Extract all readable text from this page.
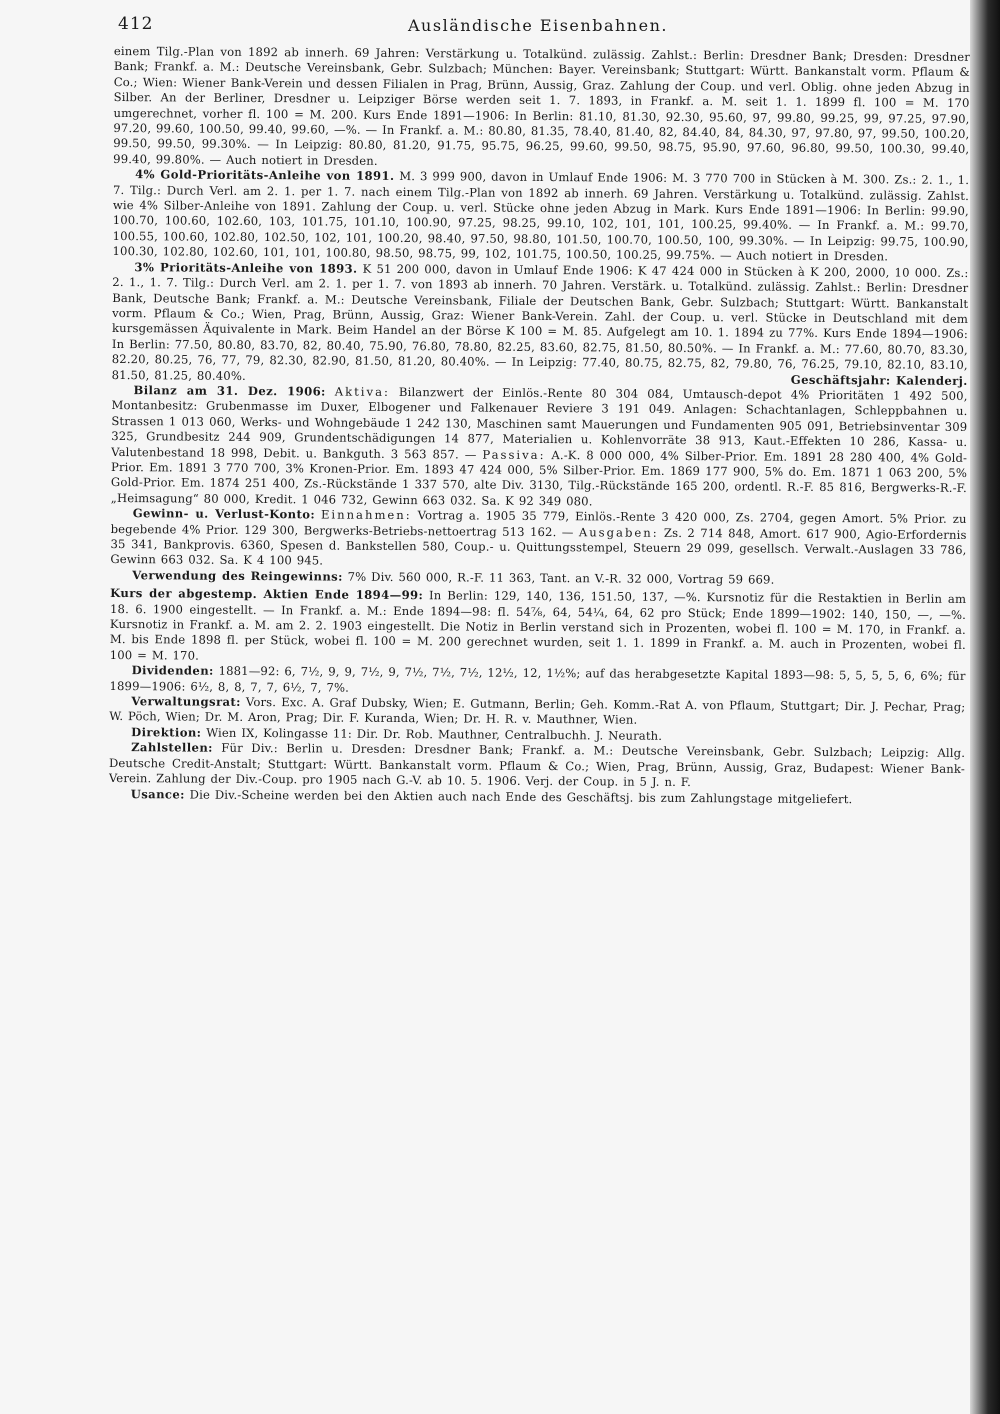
412	Ausländische Eisenbahnen.

einem Tilg.-Plan von 1892 ab innerh. 69 Jahren: Verstärkung u. Totalkünd. zulässig. Zahlst.: Berlin: Dresdner Bank; Dresden: Dresdner Bank; Frankf. a. M.: Deutsche Vereinsbank, Gebr. Sulzbach; München: Bayer. Vereinsbank; Stuttgart: Württ. Bankanstalt vorm. Pflaum & Co.; Wien: Wiener Bank-Verein und dessen Filialen in Prag, Brünn, Aussig, Graz. Zahlung der Coup. und verl. Oblig. ohne jeden Abzug in Silber. An der Berliner, Dresdner u. Leipziger Börse werden seit 1. 7. 1893, in Frankf. a. M. seit 1. 1. 1899 fl. 100 = M. 170 umgerechnet, vorher fl. 100 = M. 200. Kurs Ende 1891—1906: In Berlin: 81.10, 81.30, 92.30, 95.60, 97, 99.80, 99.25, 99, 97.25, 97.90, 97.20, 99.60, 100.50, 99.40, 99.60, —%. — In Frankf. a. M.: 80.80, 81.35, 78.40, 81.40, 82, 84.40, 84, 84.30, 97, 97.80, 97, 99.50, 100.20, 99.50, 99.50, 99.30%. — In Leipzig: 80.80, 81.20, 91.75, 95.75, 96.25, 99.60, 99.50, 98.75, 95.90, 97.60, 96.80, 99.50, 100.30, 99.40, 99.40, 99.80%. — Auch notiert in Dresden.

4% Gold-Prioritäts-Anleihe von 1891. M. 3 999 900, davon in Umlauf Ende 1906: M. 3 770 700 in Stücken à M. 300. Zs.: 2. 1., 1. 7. Tilg.: Durch Verl. am 2. 1. per 1. 7. nach einem Tilg.-Plan von 1892 ab innerh. 69 Jahren. Verstärkung u. Totalkünd. zulässig. Zahlst. wie 4% Silber-Anleihe von 1891. Zahlung der Coup. u. verl. Stücke ohne jeden Abzug in Mark. Kurs Ende 1891—1906: In Berlin: 99.90, 100.70, 100.60, 102.60, 103, 101.75, 101.10, 100.90, 97.25, 98.25, 99.10, 102, 101, 101, 100.25, 99.40%. — In Frankf. a. M.: 99.70, 100.55, 100.60, 102.80, 102.50, 102, 101, 100.20, 98.40, 97.50, 98.80, 101.50, 100.70, 100.50, 100, 99.30%. — In Leipzig: 99.75, 100.90, 100.30, 102.80, 102.60, 101, 101, 100.80, 98.50, 98.75, 99, 102, 101.75, 100.50, 100.25, 99.75%. — Auch notiert in Dresden.

3% Prioritäts-Anleihe von 1893. K 51 200 000, davon in Umlauf Ende 1906: K 47 424 000 in Stücken à K 200, 2000, 10 000. Zs.: 2. 1., 1. 7. Tilg.: Durch Verl. am 2. 1. per 1. 7. von 1893 ab innerh. 70 Jahren. Verstärk. u. Totalkünd. zulässig. Zahlst.: Berlin: Dresdner Bank, Deutsche Bank; Frankf. a. M.: Deutsche Vereinsbank, Filiale der Deutschen Bank, Gebr. Sulzbach; Stuttgart: Württ. Bankanstalt vorm. Pflaum & Co.; Wien, Prag, Brünn, Aussig, Graz: Wiener Bank-Verein. Zahl. der Coup. u. verl. Stücke in Deutschland mit dem kursgemässen Äquivalente in Mark. Beim Handel an der Börse K 100 = M. 85. Aufgelegt am 10. 1. 1894 zu 77%. Kurs Ende 1894—1906: In Berlin: 77.50, 80.80, 83.70, 82, 80.40, 75.90, 76.80, 78.80, 82.25, 83.60, 82.75, 81.50, 80.50%. — In Frankf. a. M.: 77.60, 80.70, 83.30, 82.20, 80.25, 76, 77, 79, 82.30, 82.90, 81.50, 81.20, 80.40%. — In Leipzig: 77.40, 80.75, 82.75, 82, 79.80, 76, 76.25, 79.10, 82.10, 83.10, 81.50, 81.25, 80.40%.	Geschäftsjahr: Kalenderj.

Bilanz am 31. Dez. 1906: Aktiva: Bilanzwert der Einlös.-Rente 80 304 084, Umtausch-depot 4% Prioritäten 1 492 500, Montanbesitz: Grubenmasse im Duxer, Elbogener und Falkenauer Reviere 3 191 049. Anlagen: Schachtanlagen, Schleppbahnen u. Strassen 1 013 060, Werks- und Wohngebäude 1 242 130, Maschinen samt Mauerungen und Fundamenten 905 091, Betriebsinventar 309 325, Grundbesitz 244 909, Grundentschädigungen 14 877, Materialien u. Kohlenvorräte 38 913, Kaut.-Effekten 10 286, Kassa- u. Valutenbestand 18 998, Debit. u. Bankguth. 3 563 857. — Passiva: A.-K. 8 000 000, 4% Silber-Prior. Em. 1891 28 280 400, 4% Gold-Prior. Em. 1891 3 770 700, 3% Kronen-Prior. Em. 1893 47 424 000, 5% Silber-Prior. Em. 1869 177 900, 5% do. Em. 1871 1 063 200, 5% Gold-Prior. Em. 1874 251 400, Zs.-Rückstände 1 337 570, alte Div. 3130, Tilg.-Rückstände 165 200, ordentl. R.-F. 85 816, Bergwerks-R.-F. „Heimsagung“ 80 000, Kredit. 1 046 732, Gewinn 663 032. Sa. K 92 349 080.

Gewinn- u. Verlust-Konto: Einnahmen: Vortrag a. 1905 35 779, Einlös.-Rente 3 420 000, Zs. 2704, gegen Amort. 5% Prior. zu begebende 4% Prior. 129 300, Bergwerks-Betriebs-nettoertrag 513 162. — Ausgaben: Zs. 2 714 848, Amort. 617 900, Agio-Erfordernis 35 341, Bankprovis. 6360, Spesen d. Bankstellen 580, Coup.- u. Quittungsstempel, Steuern 29 099, gesellsch. Verwalt.-Auslagen 33 786, Gewinn 663 032. Sa. K 4 100 945.

Verwendung des Reingewinns: 7% Div. 560 000, R.-F. 11 363, Tant. an V.-R. 32 000, Vortrag 59 669.

Kurs der abgestemp. Aktien Ende 1894—99: In Berlin: 129, 140, 136, 151.50, 137, —%. Kursnotiz für die Restaktien in Berlin am 18. 6. 1900 eingestellt. — In Frankf. a. M.: Ende 1894—98: fl. 54⅞, 64, 54¼, 64, 62 pro Stück; Ende 1899—1902: 140, 150, —, —%. Kursnotiz in Frankf. a. M. am 2. 2. 1903 eingestellt. Die Notiz in Berlin verstand sich in Prozenten, wobei fl. 100 = M. 170, in Frankf. a. M. bis Ende 1898 fl. per Stück, wobei fl. 100 = M. 200 gerechnet wurden, seit 1. 1. 1899 in Frankf. a. M. auch in Prozenten, wobei fl. 100 = M. 170.

Dividenden: 1881—92: 6, 7½, 9, 9, 7½, 9, 7½, 7½, 7½, 12½, 12, 1½%; auf das herabgesetzte Kapital 1893—98: 5, 5, 5, 5, 6, 6%; für 1899—1906: 6½, 8, 8, 7, 7, 6½, 7, 7%.

Verwaltungsrat: Vors. Exc. A. Graf Dubsky, Wien; E. Gutmann, Berlin; Geh. Komm.-Rat A. von Pflaum, Stuttgart; Dir. J. Pechar, Prag; W. Pöch, Wien; Dr. M. Aron, Prag; Dir. F. Kuranda, Wien; Dr. H. R. v. Mauthner, Wien.

Direktion: Wien IX, Kolingasse 11: Dir. Dr. Rob. Mauthner, Centralbuchh. J. Neurath.

Zahlstellen: Für Div.: Berlin u. Dresden: Dresdner Bank; Frankf. a. M.: Deutsche Vereinsbank, Gebr. Sulzbach; Leipzig: Allg. Deutsche Credit-Anstalt; Stuttgart: Württ. Bankanstalt vorm. Pflaum & Co.; Wien, Prag, Brünn, Aussig, Graz, Budapest: Wiener Bank-Verein. Zahlung der Div.-Coup. pro 1905 nach G.-V. ab 10. 5. 1906. Verj. der Coup. in 5 J. n. F.

Usance: Die Div.-Scheine werden bei den Aktien auch nach Ende des Geschäftsj. bis zum Zahlungstage mitgeliefert.
